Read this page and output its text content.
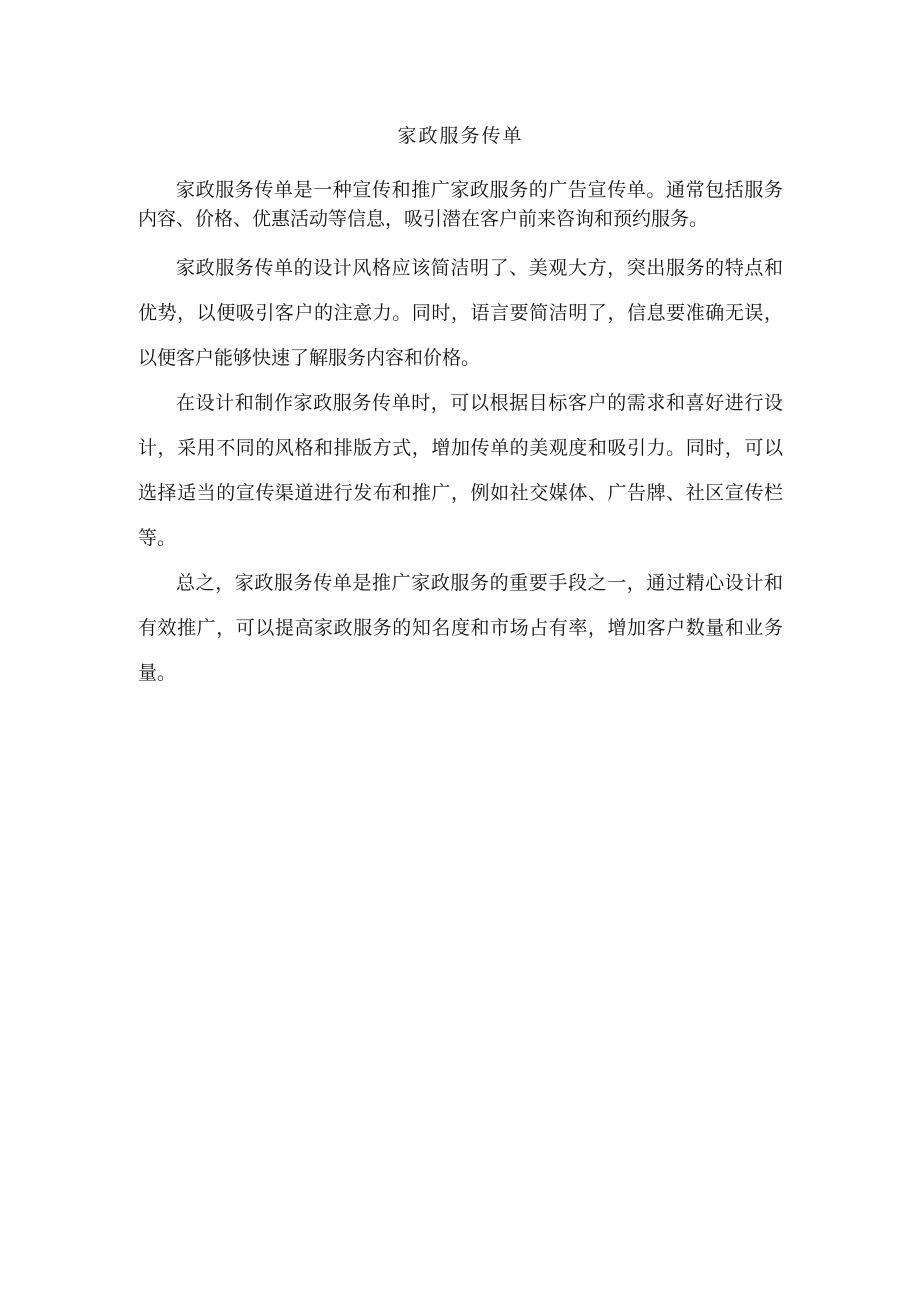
家政服务传单

家政服务传单是一种宣传和推广家政服务的广告宣传单。通常包括服务内容、价格、优惠活动等信息，吸引潜在客户前来咨询和预约服务。

家政服务传单的设计风格应该简洁明了、美观大方，突出服务的特点和优势，以便吸引客户的注意力。同时，语言要简洁明了，信息要准确无误，以便客户能够快速了解服务内容和价格。

在设计和制作家政服务传单时，可以根据目标客户的需求和喜好进行设计，采用不同的风格和排版方式，增加传单的美观度和吸引力。同时，可以选择适当的宣传渠道进行发布和推广，例如社交媒体、广告牌、社区宣传栏等。

总之，家政服务传单是推广家政服务的重要手段之一，通过精心设计和有效推广，可以提高家政服务的知名度和市场占有率，增加客户数量和业务量。
